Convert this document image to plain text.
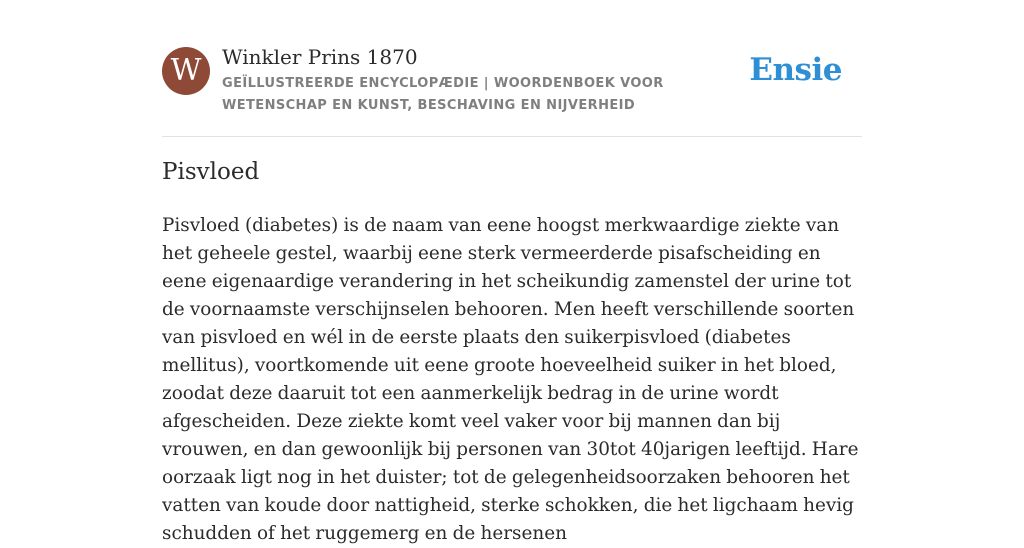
W	Winkler Prins 1870
GEÏLLUSTREERDE ENCYCLOPÆDIE | WOORDENBOEK VOOR WETENSCHAP EN KUNST, BESCHAVING EN NIJVERHEID
Ensie
Pisvloed

Pisvloed (diabetes) is de naam van eene hoogst merkwaardige ziekte van het geheele gestel, waarbij eene sterk vermeerderde pisafscheiding en eene eigenaardige verandering in het scheikundig zamenstel der urine tot de voornaamste verschijnselen behooren. Men heeft verschillende soorten van pisvloed en wél in de eerste plaats den suikerpisvloed (diabetes mellitus), voortkomende uit eene groote hoeveelheid suiker in het bloed, zoodat deze daaruit tot een aanmerkelijk bedrag in de urine wordt afgescheiden. Deze ziekte komt veel vaker voor bij mannen dan bij vrouwen, en dan gewoonlijk bij personen van 30tot 40jarigen leeftijd. Hare oorzaak ligt nog in het duister; tot de gelegenheidsoorzaken behooren het vatten van koude door nattigheid, sterke schokken, die het ligchaam hevig schudden of het ruggemerg en de hersenen
